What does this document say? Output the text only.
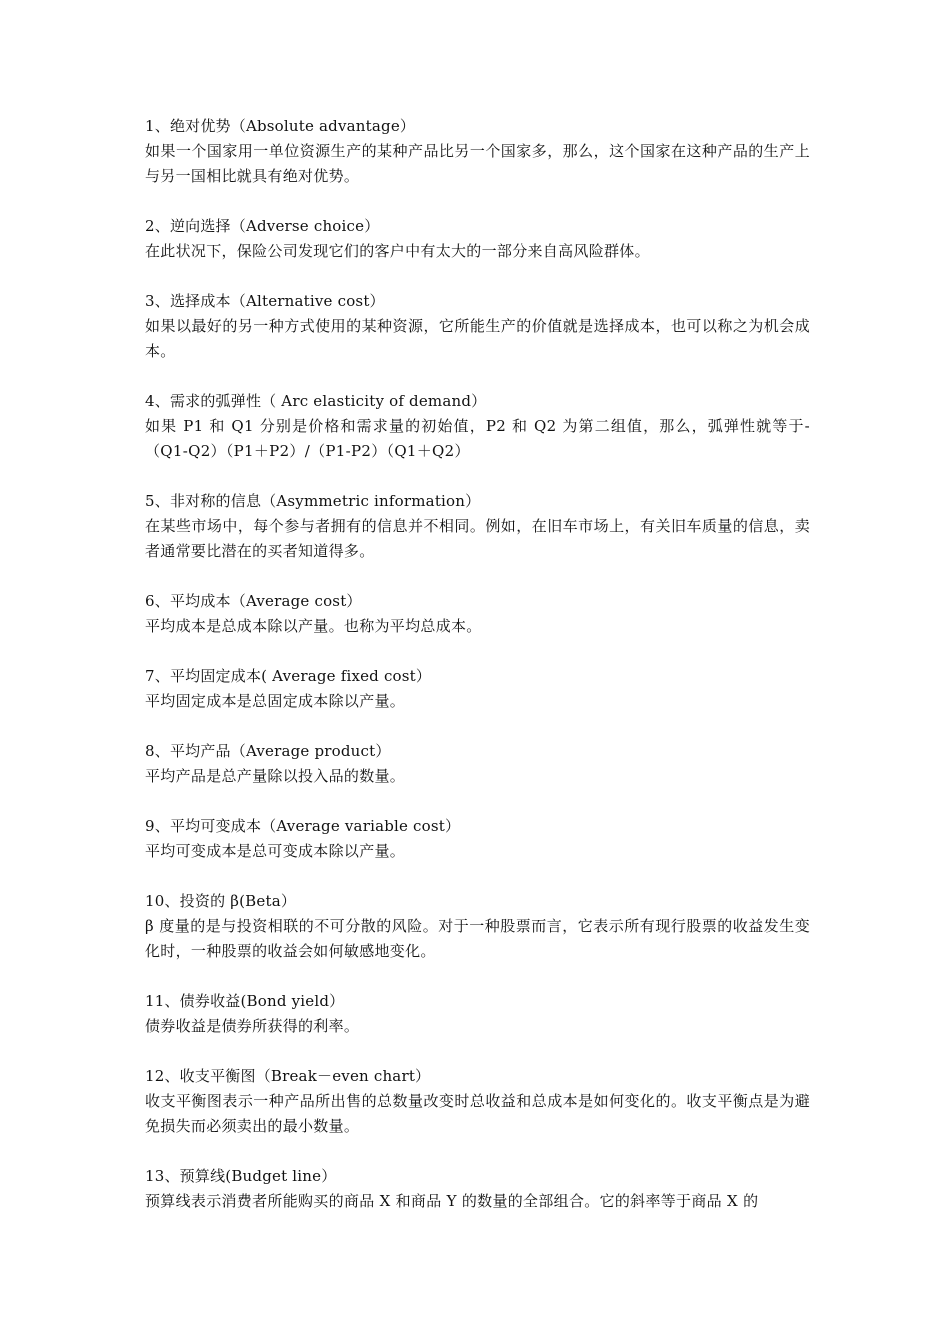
1、绝对优势（Absolute advantage）
如果一个国家用一单位资源生产的某种产品比另一个国家多，那么，这个国家在这种产品的生产上与另一国相比就具有绝对优势。
2、逆向选择（Adverse choice）
在此状况下，保险公司发现它们的客户中有太大的一部分来自高风险群体。
3、选择成本（Alternative cost）
如果以最好的另一种方式使用的某种资源，它所能生产的价值就是选择成本，也可以称之为机会成本。
4、需求的弧弹性（ Arc elasticity of demand）
如果 P1 和 Q1 分别是价格和需求量的初始值，P2 和 Q2 为第二组值，那么，弧弹性就等于-（Q1-Q2）（P1＋P2）/（P1-P2）（Q1＋Q2）
5、非对称的信息（Asymmetric information）
在某些市场中，每个参与者拥有的信息并不相同。例如，在旧车市场上，有关旧车质量的信息，卖者通常要比潜在的买者知道得多。
6、平均成本（Average cost）
平均成本是总成本除以产量。也称为平均总成本。
7、平均固定成本( Average fixed cost）
平均固定成本是总固定成本除以产量。
8、平均产品（Average product）
平均产品是总产量除以投入品的数量。
9、平均可变成本（Average variable cost）
平均可变成本是总可变成本除以产量。
10、投资的 β(Beta）
β 度量的是与投资相联的不可分散的风险。对于一种股票而言，它表示所有现行股票的收益发生变化时，一种股票的收益会如何敏感地变化。
11、债券收益(Bond yield）
债券收益是债券所获得的利率。
12、收支平衡图（Break－even chart）
收支平衡图表示一种产品所出售的总数量改变时总收益和总成本是如何变化的。收支平衡点是为避免损失而必须卖出的最小数量。
13、预算线(Budget line）
预算线表示消费者所能购买的商品 X 和商品 Y 的数量的全部组合。它的斜率等于商品 X 的
